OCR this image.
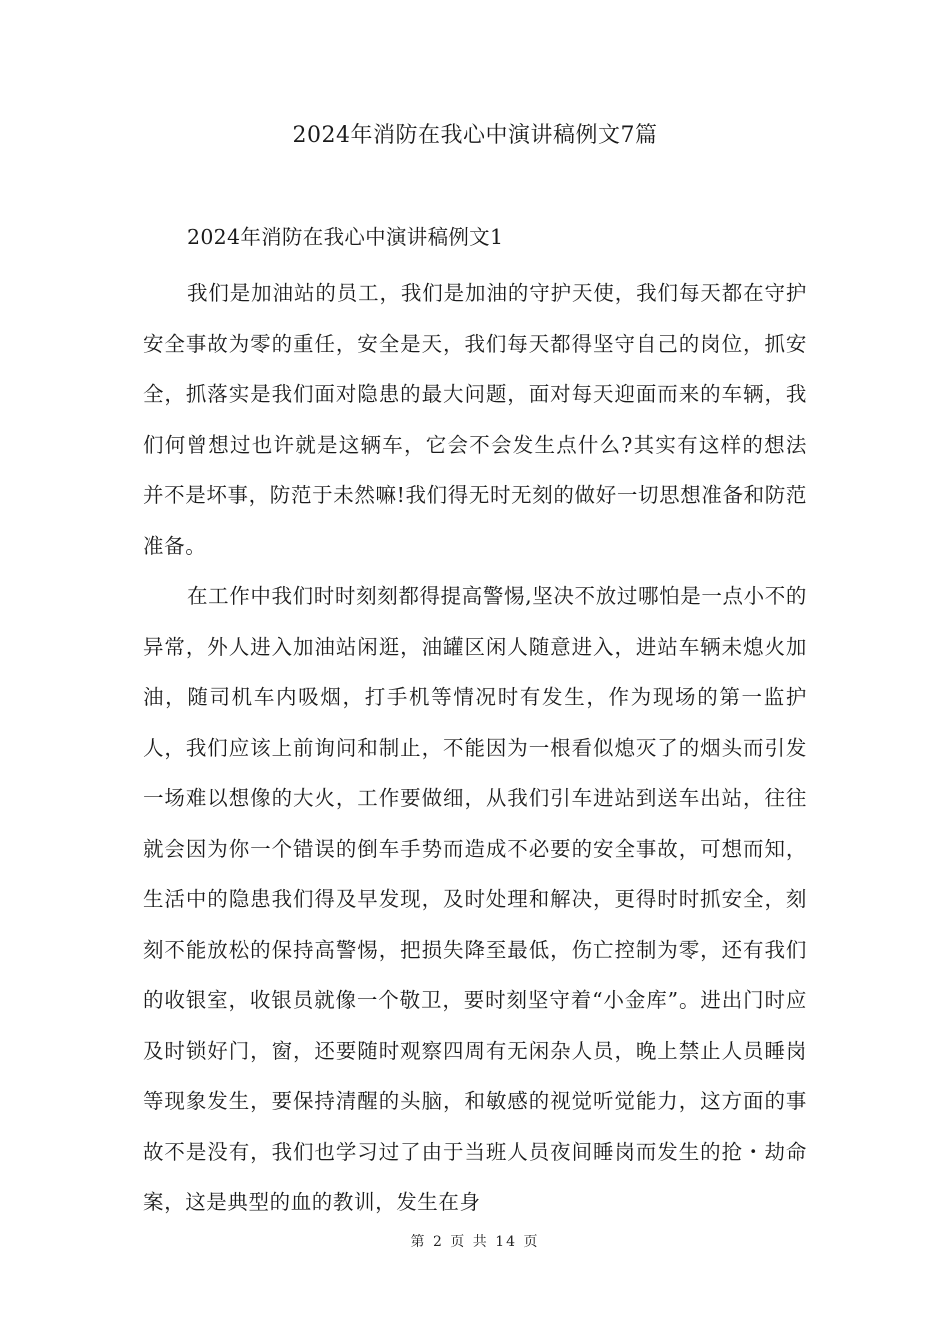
2024年消防在我心中演讲稿例文7篇
2024年消防在我心中演讲稿例文1

我们是加油站的员工，我们是加油的守护天使，我们每天都在守护安全事故为零的重任，安全是天，我们每天都得坚守自己的岗位，抓安全，抓落实是我们面对隐患的最大问题，面对每天迎面而来的车辆，我们何曾想过也许就是这辆车，它会不会发生点什么?其实有这样的想法并不是坏事，防范于未然嘛!我们得无时无刻的做好一切思想准备和防范准备。

在工作中我们时时刻刻都得提高警惕,坚决不放过哪怕是一点小不的异常，外人进入加油站闲逛，油罐区闲人随意进入，进站车辆未熄火加油，随司机车内吸烟，打手机等情况时有发生，作为现场的第一监护人，我们应该上前询问和制止，不能因为一根看似熄灭了的烟头而引发一场难以想像的大火，工作要做细，从我们引车进站到送车出站，往往就会因为你一个错误的倒车手势而造成不必要的安全事故，可想而知，生活中的隐患我们得及早发现，及时处理和解决，更得时时抓安全，刻刻不能放松的保持高警惕，把损失降至最低，伤亡控制为零，还有我们的收银室，收银员就像一个敬卫，要时刻坚守着“小金库”。进出门时应及时锁好门，窗，还要随时观察四周有无闲杂人员，晚上禁止人员睡岗等现象发生，要保持清醒的头脑，和敏感的视觉听觉能力，这方面的事故不是没有，我们也学习过了由于当班人员夜间睡岗而发生的抢・劫命案，这是典型的血的教训，发生在身

第 2 页 共 14 页
